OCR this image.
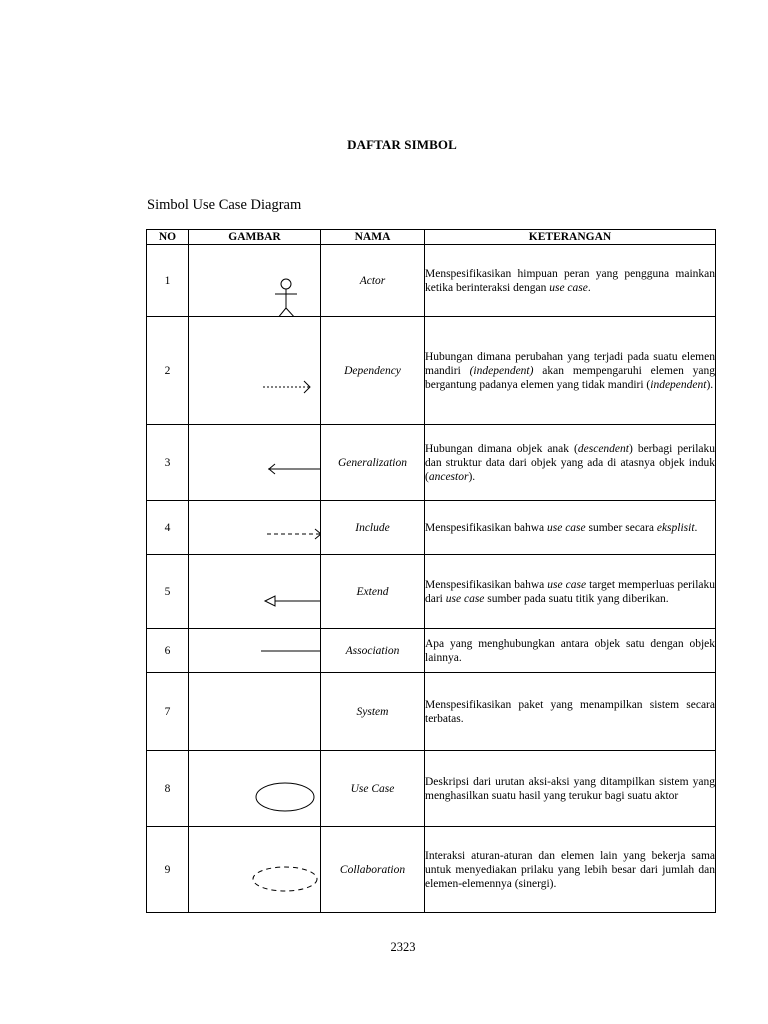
DAFTAR SIMBOL
Simbol Use Case Diagram
NO	GAMBAR	NAMA	KETERANGAN
1		Actor	Menspesifikasikan himpuan peran yang pengguna mainkan ketika berinteraksi dengan use case.
2		Dependency	Hubungan dimana perubahan yang terjadi pada suatu elemen mandiri (independent) akan mempengaruhi elemen yang bergantung padanya elemen yang tidak mandiri (independent).
3		Generalization	Hubungan dimana objek anak (descendent) berbagi perilaku dan struktur data dari objek yang ada di atasnya objek induk (ancestor).
4		Include	Menspesifikasikan bahwa use case sumber secara eksplisit.
5		Extend	Menspesifikasikan bahwa use case target memperluas perilaku dari use case sumber pada suatu titik yang diberikan.
6		Association	Apa yang menghubungkan antara objek satu dengan objek lainnya.
7		System	Menspesifikasikan paket yang menampilkan sistem secara terbatas.
8		Use Case	Deskripsi dari urutan aksi-aksi yang ditampilkan sistem yang menghasilkan suatu hasil yang terukur bagi suatu aktor
9		Collaboration	Interaksi aturan-aturan dan elemen lain yang bekerja sama untuk menyediakan prilaku yang lebih besar dari jumlah dan elemen-elemennya (sinergi).
2323
